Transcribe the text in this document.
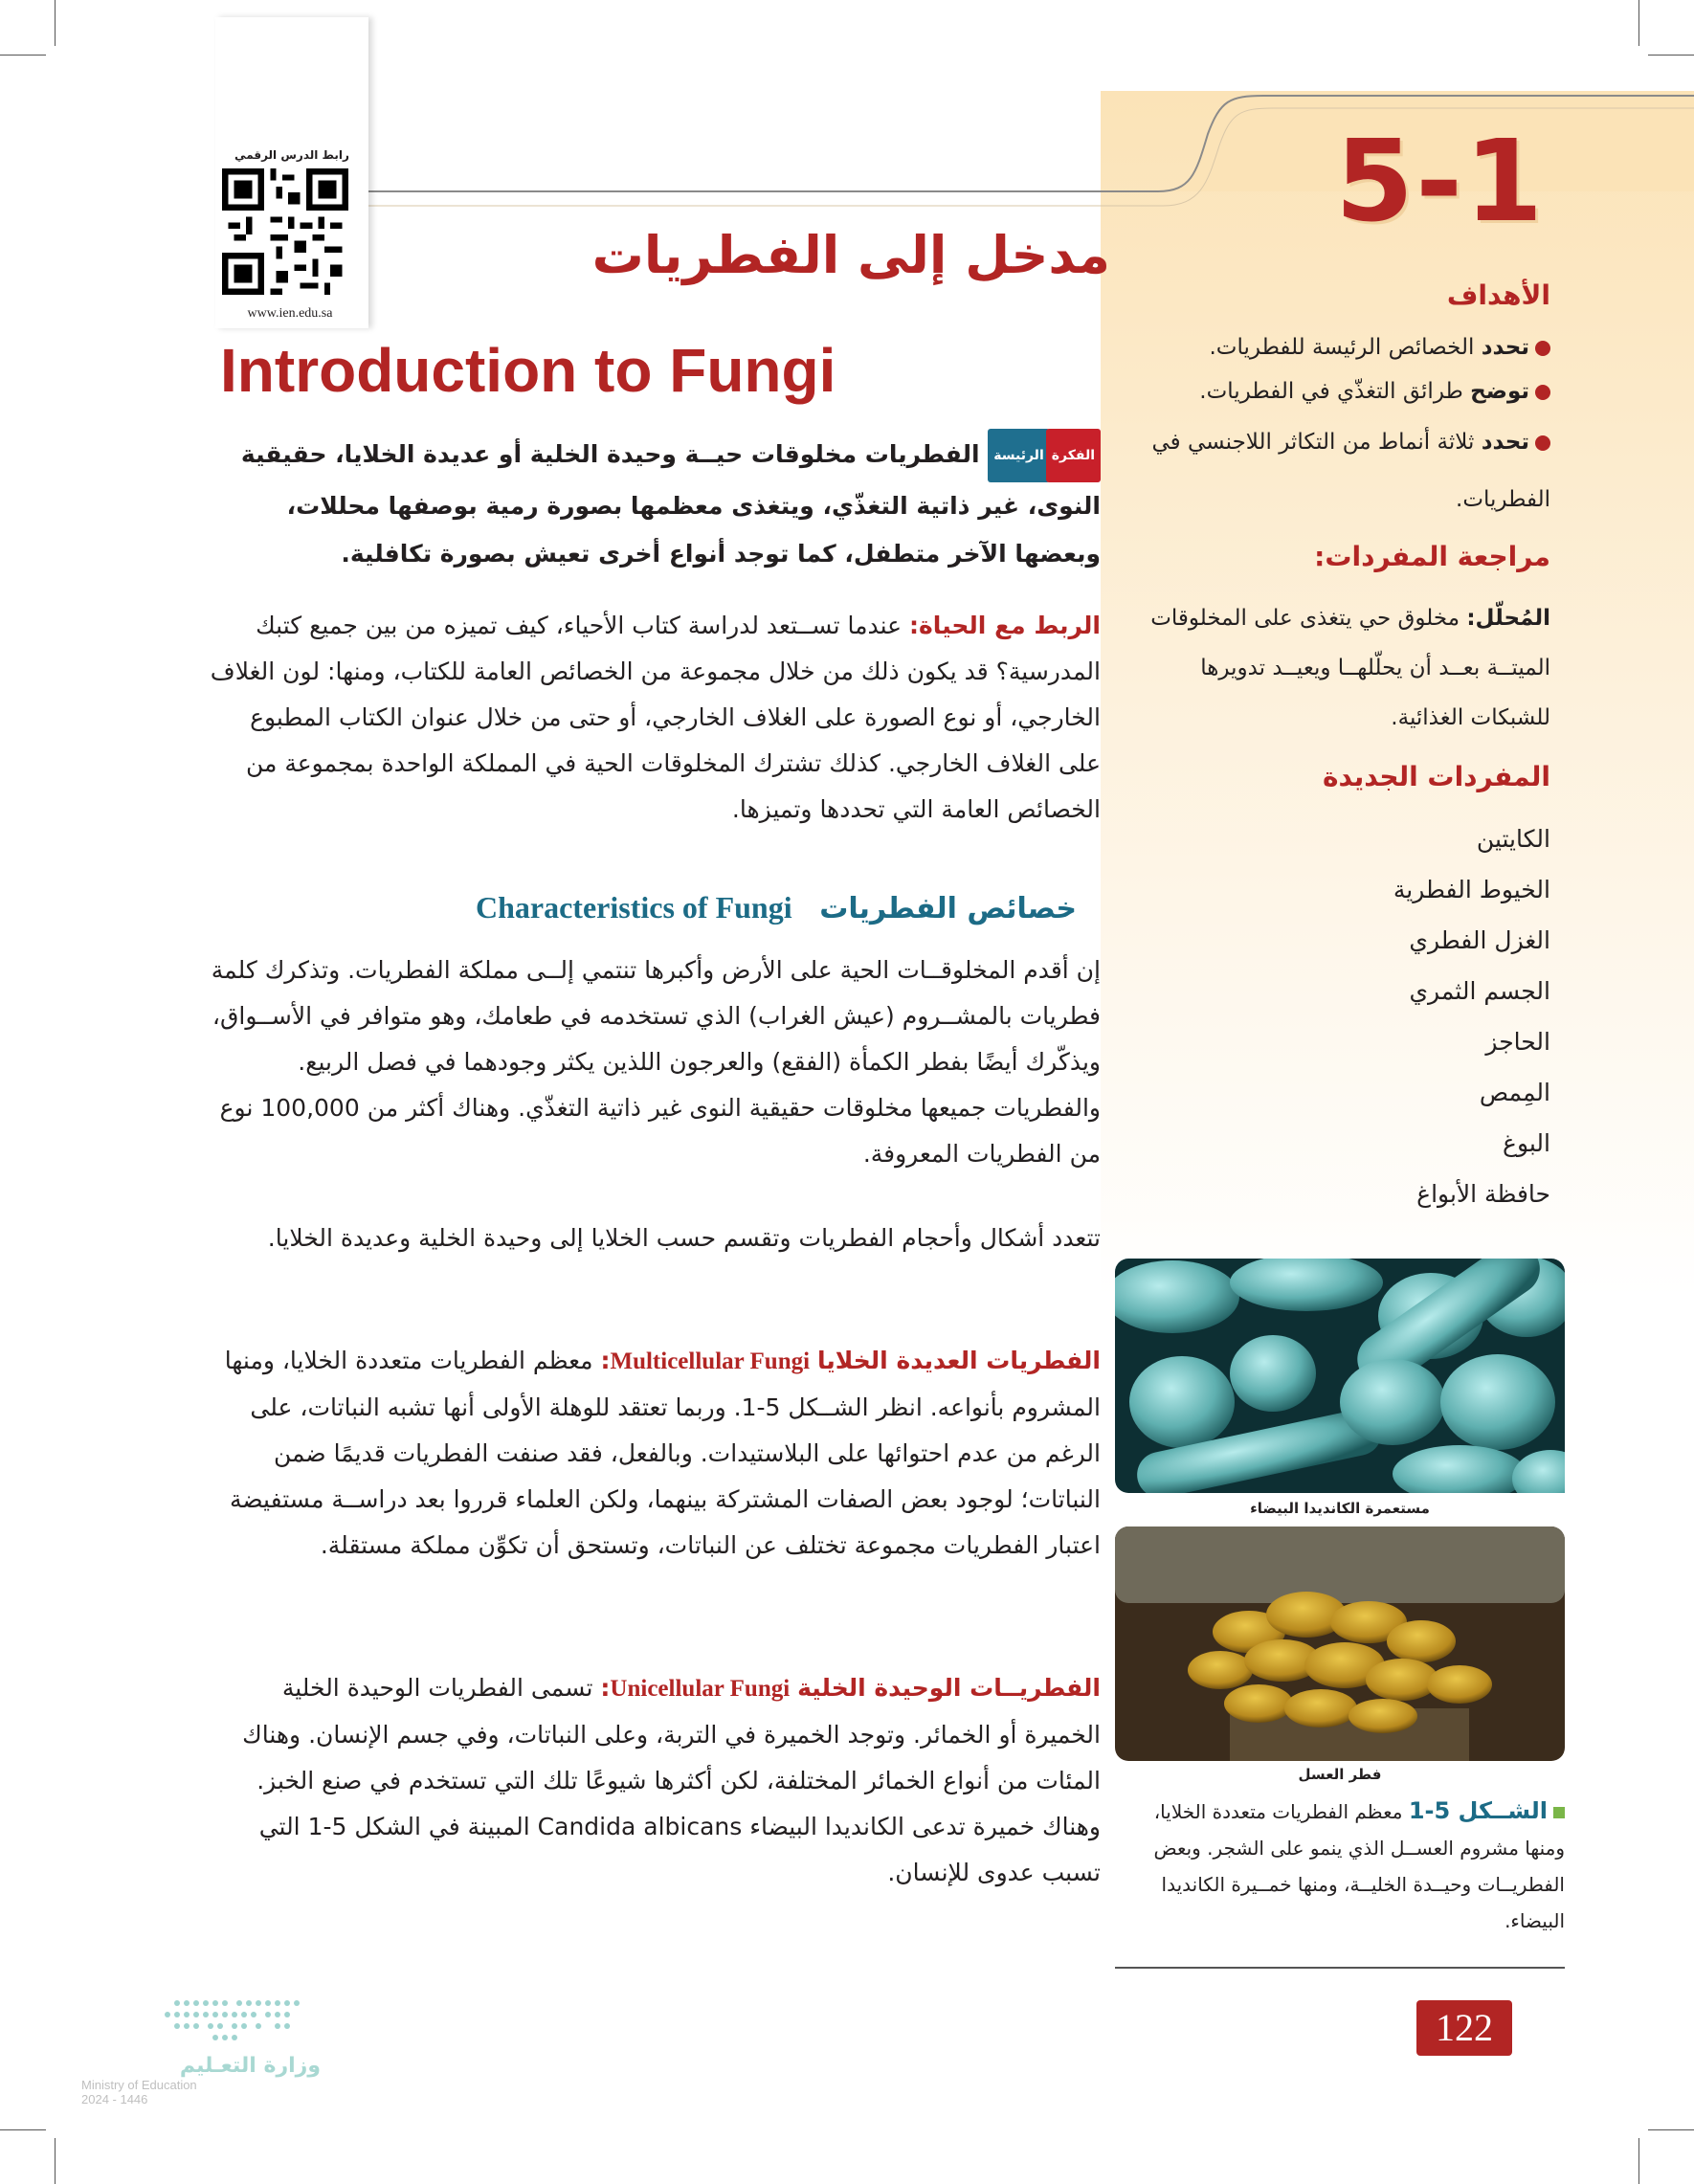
رابط الدرس الرقمي
www.ien.edu.sa
5-1
مدخل إلى الفطريات
Introduction to Fungi
الفكرةالرئيسة الفطريات مخلوقات حيــة وحيدة الخلية أو عديدة الخلايا، حقيقية النوى، غير ذاتية التغذّي، ويتغذى معظمها بصورة رمية بوصفها محللات، وبعضها الآخر متطفل، كما توجد أنواع أخرى تعيش بصورة تكافلية.
الربط مع الحياة: عندما تســتعد لدراسة كتاب الأحياء، كيف تميزه من بين جميع كتبك المدرسية؟ قد يكون ذلك من خلال مجموعة من الخصائص العامة للكتاب، ومنها: لون الغلاف الخارجي، أو نوع الصورة على الغلاف الخارجي، أو حتى من خلال عنوان الكتاب المطبوع على الغلاف الخارجي. كذلك تشترك المخلوقات الحية في المملكة الواحدة بمجموعة من الخصائص العامة التي تحددها وتميزها.
خصائص الفطريات   Characteristics of Fungi
إن أقدم المخلوقــات الحية على الأرض وأكبرها تنتمي إلــى مملكة الفطريات. وتذكرك كلمة فطريات بالمشــروم (عيش الغراب) الذي تستخدمه في طعامك، وهو متوافر في الأســواق، ويذكّرك أيضًا بفطر الكمأة (الفقع) والعرجون اللذين يكثر وجودهما في فصل الربيع. والفطريات جميعها مخلوقات حقيقية النوى غير ذاتية التغذّي. وهناك أكثر من 100,000 نوع من الفطريات المعروفة.
تتعدد أشكال وأحجام الفطريات وتقسم حسب الخلايا إلى وحيدة الخلية وعديدة الخلايا.
الفطريات العديدة الخلايا Multicellular Fungi: معظم الفطريات متعددة الخلايا، ومنها المشروم بأنواعه. انظر الشــكل 5-1. وربما تعتقد للوهلة الأولى أنها تشبه النباتات، على الرغم من عدم احتوائها على البلاستيدات. وبالفعل، فقد صنفت الفطريات قديمًا ضمن النباتات؛ لوجود بعض الصفات المشتركة بينهما، ولكن العلماء قرروا بعد دراســة مستفيضة اعتبار الفطريات مجموعة تختلف عن النباتات، وتستحق أن تكوِّن مملكة مستقلة.
الفطريــات الوحيدة الخلية Unicellular Fungi: تسمى الفطريات الوحيدة الخلية الخميرة أو الخمائر. وتوجد الخميرة في التربة، وعلى النباتات، وفي جسم الإنسان. وهناك المئات من أنواع الخمائر المختلفة، لكن أكثرها شيوعًا تلك التي تستخدم في صنع الخبز. وهناك خميرة تدعى الكانديدا البيضاء Candida albicans المبينة في الشكل 5-1 التي تسبب عدوى للإنسان.
الأهداف
تحدد الخصائص الرئيسة للفطريات.
توضح طرائق التغذّي في الفطريات.
تحدد ثلاثة أنماط من التكاثر اللاجنسي في الفطريات.
مراجعة المفردات:
المُحلّل: مخلوق حي يتغذى على المخلوقات الميتــة بعــد أن يحلّلهــا ويعيــد تدويرها للشبكات الغذائية.
المفردات الجديدة
الكايتين
الخيوط الفطرية
الغزل الفطري
الجسم الثمري
الحاجز
المِمص
البوغ
حافظة الأبواغ
مستعمرة الكانديدا البيضاء
فطر العسل
الشــكل 5-1 معظم الفطريات متعددة الخلايا، ومنها مشروم العســل الذي ينمو على الشجر. وبعض الفطريــات وحيــدة الخليــة، ومنها خمــيرة الكانديدا البيضاء.
122
وزارة التعـليم
Ministry of Education
2024 - 1446
